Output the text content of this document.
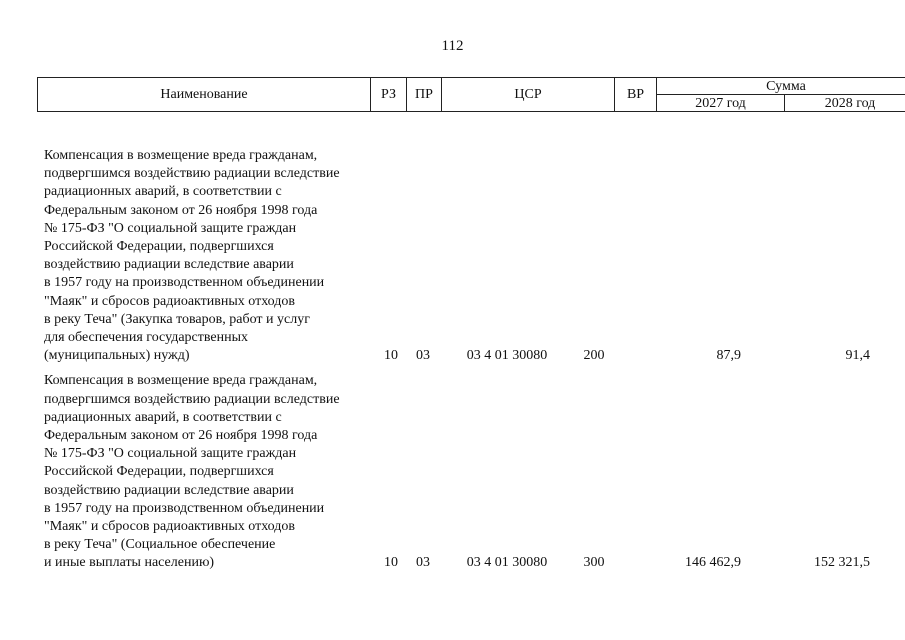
112
Наименование	РЗ	ПР	ЦСР	ВР	Сумма	
					2027 год	2028 год
Компенсация в возмещение вреда гражданам,
подвергшимся воздействию радиации вследствие
радиационных аварий, в соответствии с
Федеральным законом от 26 ноября 1998 года
№ 175-ФЗ "О социальной защите граждан
Российской Федерации, подвергшихся
воздействию радиации вследствие аварии
в 1957 году на производственном объединении
"Маяк" и сбросов радиоактивных отходов
в реку Теча" (Закупка товаров, работ и услуг
для обеспечения государственных
(муниципальных) нужд)	10	03	03 4 01 30080	200	87,9	91,4
Компенсация в возмещение вреда гражданам,
подвергшимся воздействию радиации вследствие
радиационных аварий, в соответствии с
Федеральным законом от 26 ноября 1998 года
№ 175-ФЗ "О социальной защите граждан
Российской Федерации, подвергшихся
воздействию радиации вследствие аварии
в 1957 году на производственном объединении
"Маяк" и сбросов радиоактивных отходов
в реку Теча" (Социальное обеспечение
и иные выплаты населению)	10	03	03 4 01 30080	300	146 462,9	152 321,5
